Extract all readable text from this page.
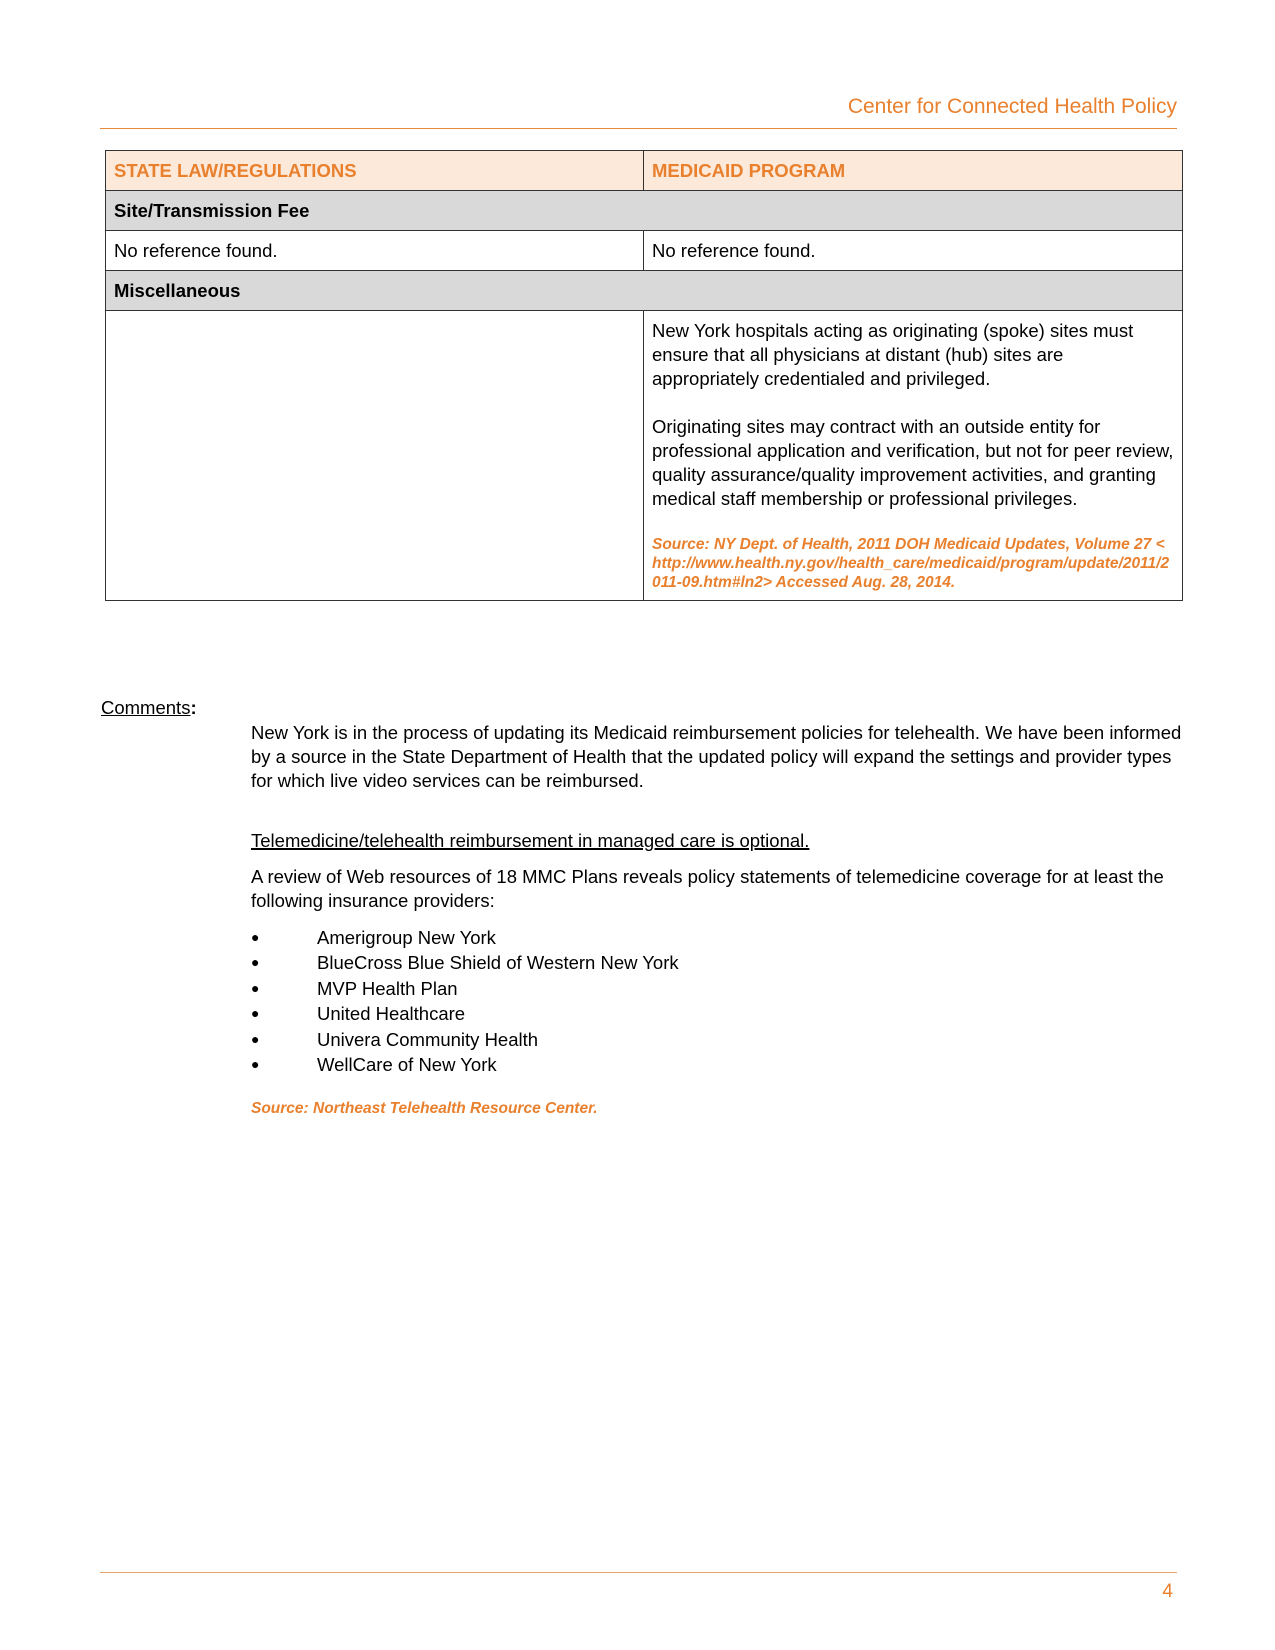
Center for Connected Health Policy
STATE LAW/REGULATIONS	MEDICAID PROGRAM
Site/Transmission Fee	
No reference found.	No reference found.
Miscellaneous	

	New York hospitals acting as originating (spoke) sites must ensure that all physicians at distant (hub) sites are appropriately credentialed and privileged.

Originating sites may contract with an outside entity for professional application and verification, but not for peer review, quality assurance/quality improvement activities, and granting medical staff membership or professional privileges.

Source: NY Dept. of Health, 2011 DOH Medicaid Updates, Volume 27 <http://www.health.ny.gov/health_care/medicaid/program/update/2011/2011-09.htm#ln2> Accessed Aug. 28, 2014.

Comments:

New York is in the process of updating its Medicaid reimbursement policies for telehealth. We have been informed by a source in the State Department of Health that the updated policy will expand the settings and provider types for which live video services can be reimbursed.

Telemedicine/telehealth reimbursement in managed care is optional.

A review of Web resources of 18 MMC Plans reveals policy statements of telemedicine coverage for at least the following insurance providers:

●	Amerigroup New York
●	BlueCross Blue Shield of Western New York
●	MVP Health Plan
●	United Healthcare
●	Univera Community Health
●	WellCare of New York

Source: Northeast Telehealth Resource Center.

4
